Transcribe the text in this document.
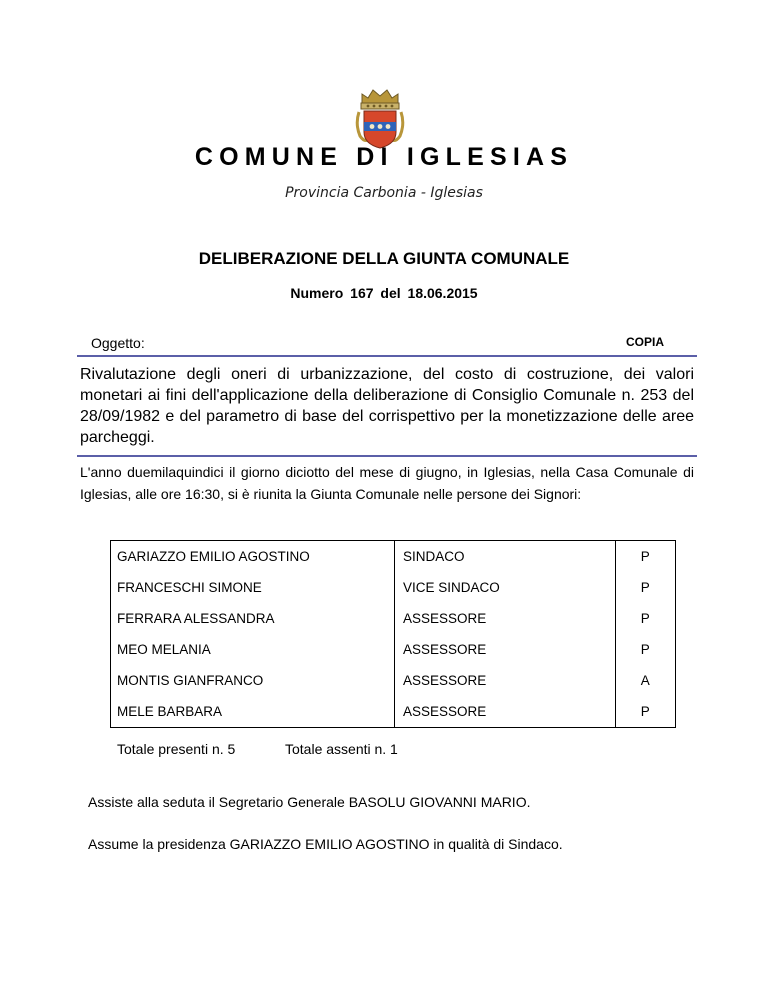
COMUNE DI IGLESIAS
Provincia Carbonia - Iglesias
DELIBERAZIONE DELLA GIUNTA COMUNALE
Numero 167 del 18.06.2015
Oggetto:	COPIA
Rivalutazione degli oneri di urbanizzazione, del costo di costruzione, dei valori monetari ai fini dell'applicazione della deliberazione di Consiglio Comunale n. 253 del 28/09/1982 e del parametro di base del corrispettivo per la monetizzazione delle aree parcheggi.
L'anno duemilaquindici il giorno diciotto del mese di giugno, in Iglesias, nella Casa Comunale di Iglesias, alle ore 16:30, si è riunita la Giunta Comunale nelle persone dei Signori:
GARIAZZO EMILIO AGOSTINO	SINDACO	P
FRANCESCHI SIMONE	VICE SINDACO	P
FERRARA ALESSANDRA	ASSESSORE	P
MEO MELANIA	ASSESSORE	P
MONTIS GIANFRANCO	ASSESSORE	A
MELE BARBARA	ASSESSORE	P
Totale presenti n. 5	Totale assenti n. 1
Assiste alla seduta il Segretario Generale BASOLU GIOVANNI MARIO.
Assume la presidenza GARIAZZO EMILIO AGOSTINO in qualità di Sindaco.
